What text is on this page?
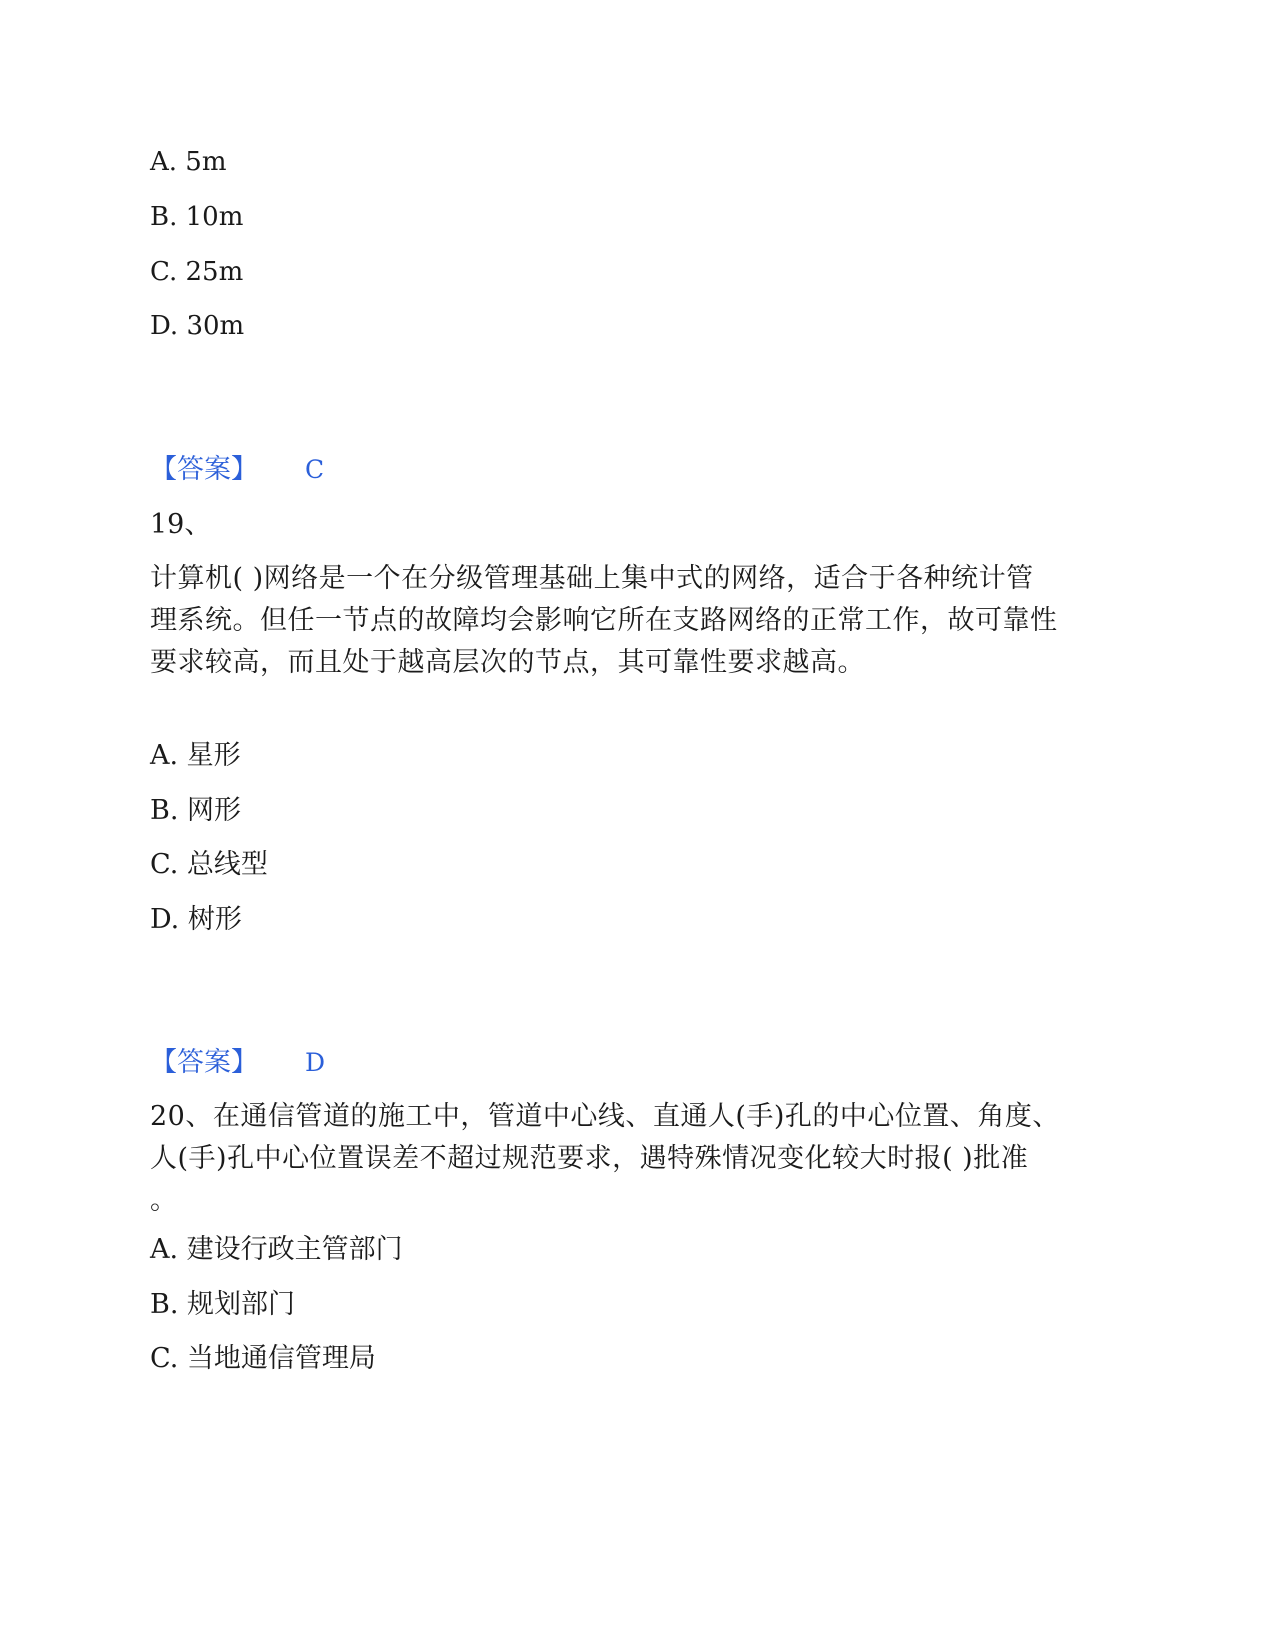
A. 5m
B. 10m
C. 25m
D. 30m
【答案】 C
19、
计算机( )网络是一个在分级管理基础上集中式的网络，适合于各种统计管
理系统。但任一节点的故障均会影响它所在支路网络的正常工作，故可靠性
要求较高，而且处于越高层次的节点，其可靠性要求越高。
A. 星形
B. 网形
C. 总线型
D. 树形
【答案】 D
20、在通信管道的施工中，管道中心线、直通人(手)孔的中心位置、角度、
人(手)孔中心位置误差不超过规范要求，遇特殊情况变化较大时报( )批准
。
A. 建设行政主管部门
B. 规划部门
C. 当地通信管理局
